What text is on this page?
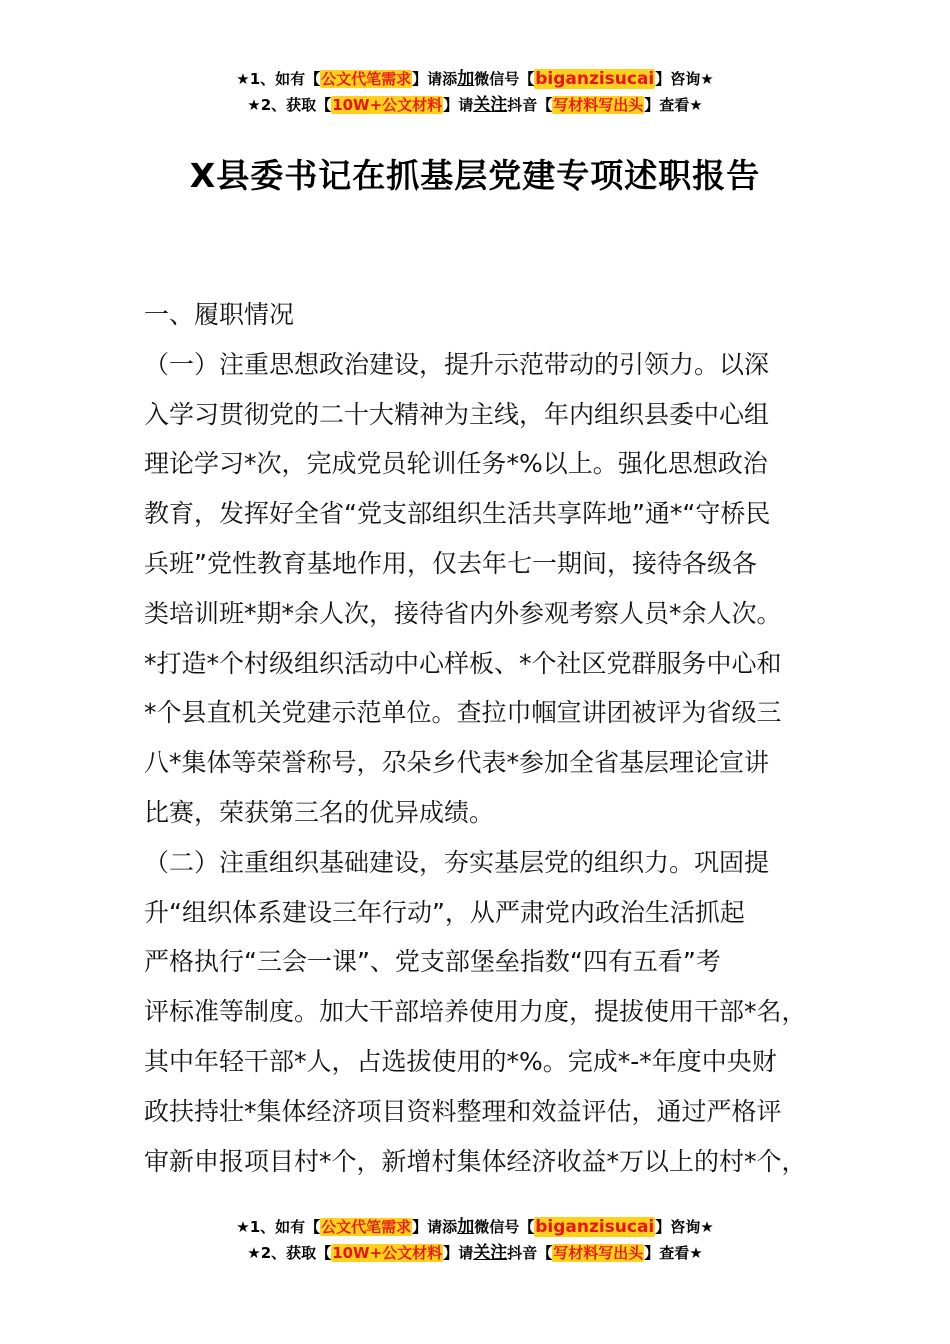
★1、如有【公文代笔需求】请添加微信号【biganzisucai】咨询★
★2、获取【10W+公文材料】请关注抖音【写材料写出头】查看★
X县委书记在抓基层党建专项述职报告
一、履职情况
（一）注重思想政治建设，提升示范带动的引领力。以深
入学习贯彻党的二十大精神为主线，年内组织县委中心组
理论学习*次，完成党员轮训任务*%以上。强化思想政治
教育，发挥好全省“党支部组织生活共享阵地”通*“守桥民
兵班”党性教育基地作用，仅去年七一期间，接待各级各
类培训班*期*余人次，接待省内外参观考察人员*余人次。
*打造*个村级组织活动中心样板、*个社区党群服务中心和
*个县直机关党建示范单位。查拉巾帼宣讲团被评为省级三
八*集体等荣誉称号，尕朵乡代表*参加全省基层理论宣讲
比赛，荣获第三名的优异成绩。
（二）注重组织基础建设，夯实基层党的组织力。巩固提
升“组织体系建设三年行动”，从严肃党内政治生活抓起
严格执行“三会一课”、党支部堡垒指数“四有五看”考
评标准等制度。加大干部培养使用力度，提拔使用干部*名，
其中年轻干部*人，占选拔使用的*%。完成*-*年度中央财
政扶持壮*集体经济项目资料整理和效益评估，通过严格评
审新申报项目村*个，新增村集体经济收益*万以上的村*个，
★1、如有【公文代笔需求】请添加微信号【biganzisucai】咨询★
★2、获取【10W+公文材料】请关注抖音【写材料写出头】查看★
